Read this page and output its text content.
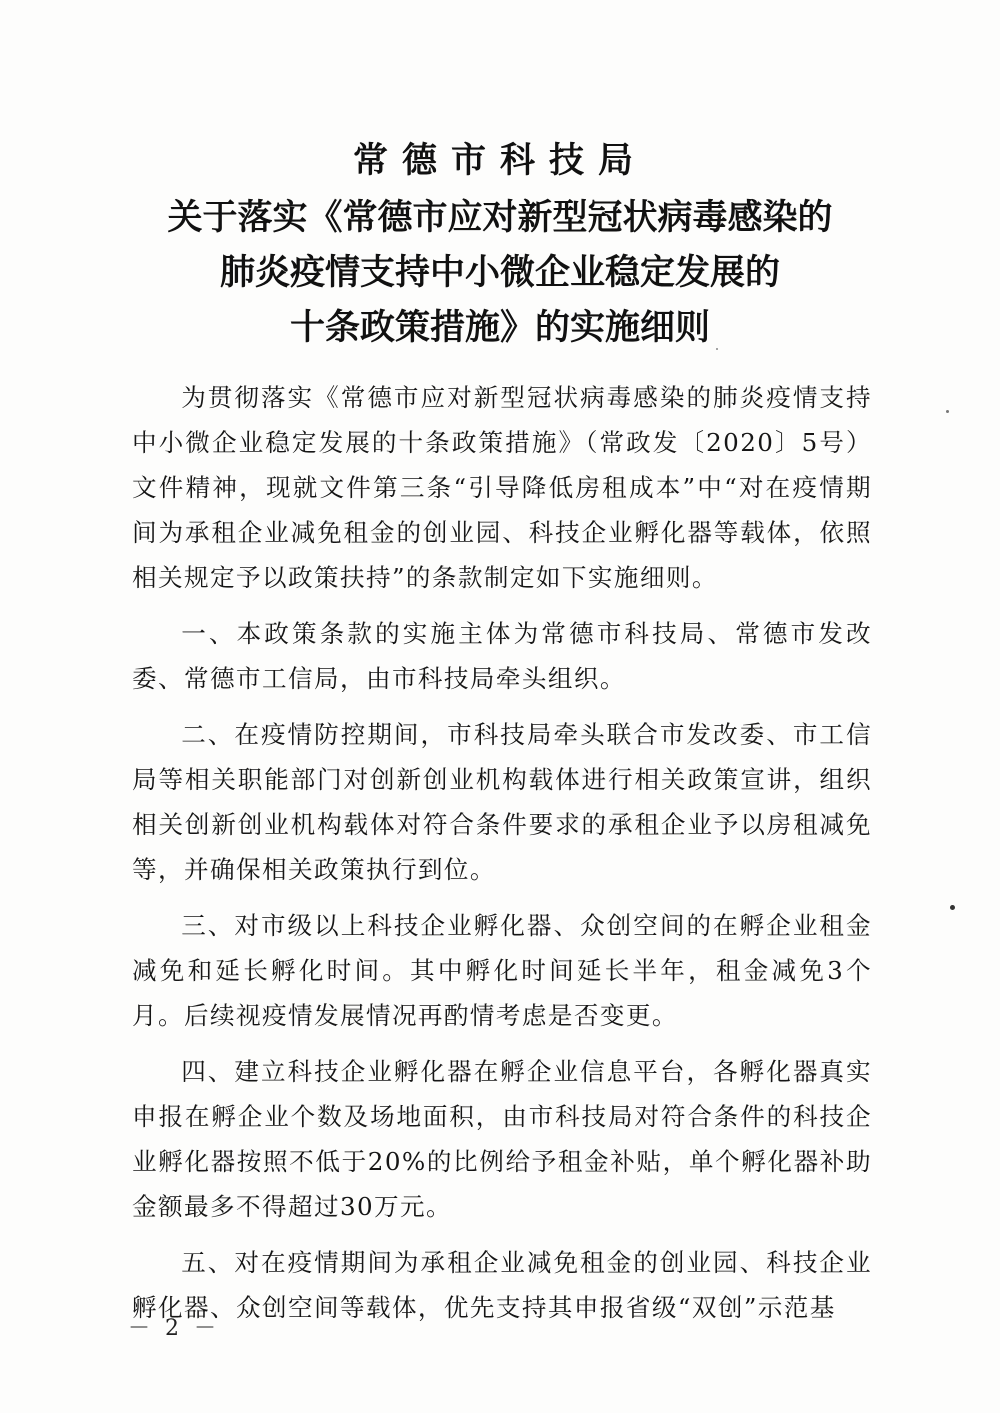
常德市科技局
关于落实《常德市应对新型冠状病毒感染的
肺炎疫情支持中小微企业稳定发展的
十条政策措施》的实施细则

为贯彻落实《常德市应对新型冠状病毒感染的肺炎疫情支持中小微企业稳定发展的十条政策措施》（常政发〔2020〕5号）文件精神，现就文件第三条“引导降低房租成本”中“对在疫情期间为承租企业减免租金的创业园、科技企业孵化器等载体，依照相关规定予以政策扶持”的条款制定如下实施细则。

一、本政策条款的实施主体为常德市科技局、常德市发改委、常德市工信局，由市科技局牵头组织。

二、在疫情防控期间，市科技局牵头联合市发改委、市工信局等相关职能部门对创新创业机构载体进行相关政策宣讲，组织相关创新创业机构载体对符合条件要求的承租企业予以房租减免等，并确保相关政策执行到位。

三、对市级以上科技企业孵化器、众创空间的在孵企业租金减免和延长孵化时间。其中孵化时间延长半年，租金减免3个月。后续视疫情发展情况再酌情考虑是否变更。

四、建立科技企业孵化器在孵企业信息平台，各孵化器真实申报在孵企业个数及场地面积，由市科技局对符合条件的科技企业孵化器按照不低于20%的比例给予租金补贴，单个孵化器补助金额最多不得超过30万元。

五、对在疫情期间为承租企业减免租金的创业园、科技企业孵化器、众创空间等载体，优先支持其申报省级“双创”示范基

－ 2 －
